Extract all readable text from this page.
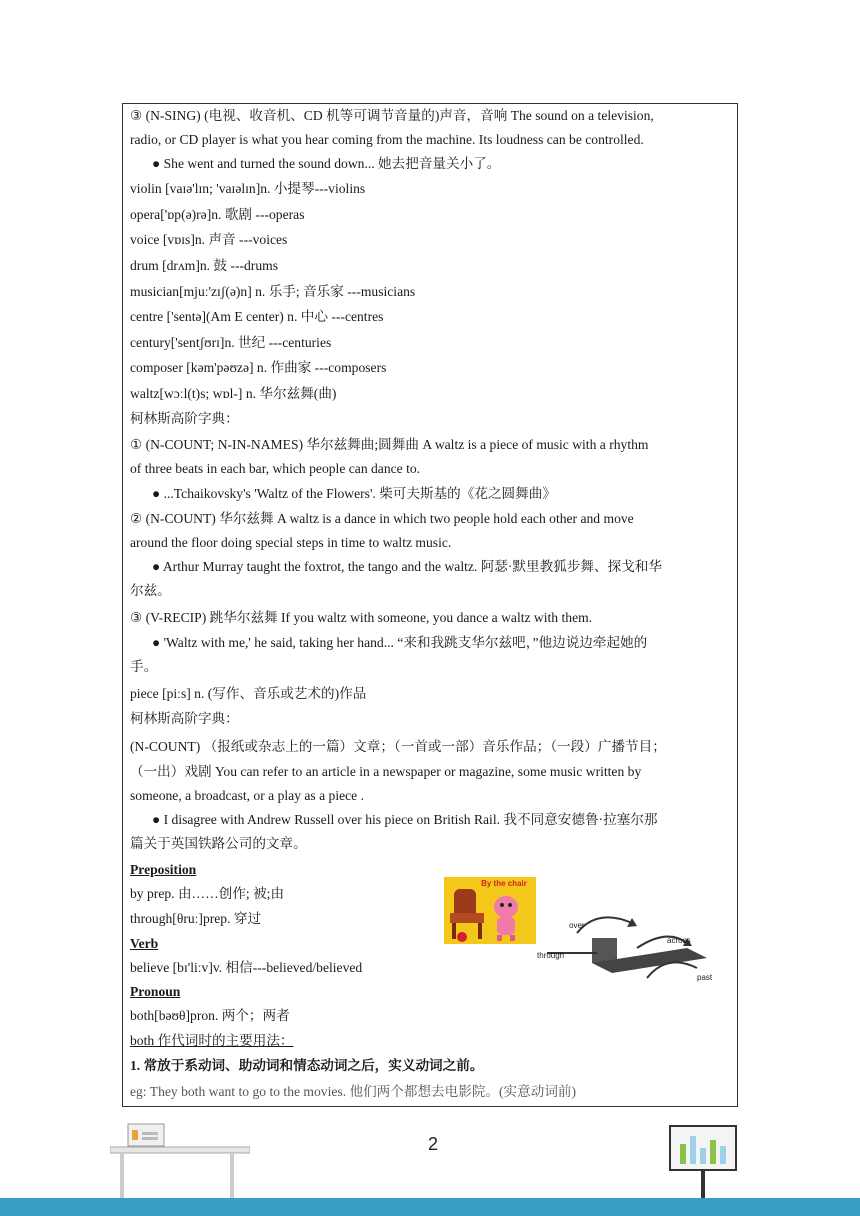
③ (N-SING) (电视、收音机、CD 机等可调节音量的)声音，音响 The sound on a television,
radio, or CD player is what you hear coming from the machine. Its loudness can be controlled.
● She went and turned the sound down... 她去把音量关小了。
violin [vaɪə'lɪn; 'vaɪəlɪn]n. 小提琴---violins
opera['ɒp(ə)rə]n. 歌剧 ---operas
voice [vɒɪs]n. 声音 ---voices
drum [drʌm]n. 鼓 ---drums
musician[mjuː'zɪʃ(ə)n] n. 乐手; 音乐家 ---musicians
centre ['sentə](Am E center) n. 中心 ---centres
century['sentʃʊrɪ]n. 世纪 ---centuries
composer [kəm'pəʊzə] n. 作曲家 ---composers
waltz[wɔːl(t)s; wɒl-] n. 华尔兹舞(曲)
柯林斯高阶字典：
① (N-COUNT; N-IN-NAMES) 华尔兹舞曲;圆舞曲 A waltz is a piece of music with a rhythm
of three beats in each bar, which people can dance to.
● ...Tchaikovsky's 'Waltz of the Flowers'. 柴可夫斯基的《花之圆舞曲》
② (N-COUNT) 华尔兹舞 A waltz is a dance in which two people hold each other and move
around the floor doing special steps in time to waltz music.
● Arthur Murray taught the foxtrot, the tango and the waltz. 阿瑟·默里教狐步舞、探戈和华
尔兹。
③ (V-RECIP) 跳华尔兹舞 If you waltz with someone, you dance a waltz with them.
● 'Waltz with me,' he said, taking her hand... “来和我跳支华尔兹吧，”他边说边牵起她的
手。
piece [piːs] n. (写作、音乐或艺术的)作品
柯林斯高阶字典：
(N-COUNT) （报纸或杂志上的一篇）文章；（一首或一部）音乐作品；（一段）广播节目；
（一出）戏剧 You can refer to an article in a newspaper or magazine, some music written by
someone, a broadcast, or a play as a piece .
● I disagree with Andrew Russell over his piece on British Rail. 我不同意安德鲁·拉塞尔那
篇关于英国铁路公司的文章。
Preposition
by prep. 由……创作; 被;由
through[θruː]prep. 穿过
Verb
believe [bɪ'liːv]v. 相信---believed/believed
Pronoun
both[bəʊθ]pron. 两个；两者
both 作代词时的主要用法：
1. 常放于系动词、助动词和情态动词之后，实义动词之前。
eg: They both want to go to the movies. 他们两个都想去电影院。(实意动词前)
By the chair
over
through
across
past
2
